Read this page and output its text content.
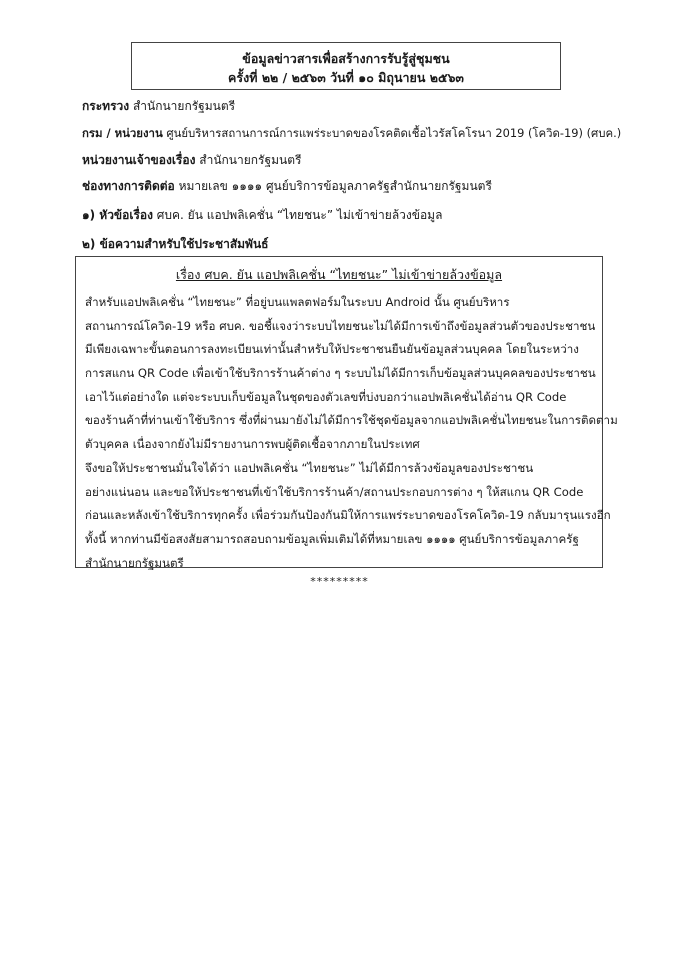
ข้อมูลข่าวสารเพื่อสร้างการรับรู้สู่ชุมชน
ครั้งที่ ๒๒ / ๒๕๖๓ วันที่ ๑๐ มิถุนายน ๒๕๖๓
กระทรวง สำนักนายกรัฐมนตรี
กรม / หน่วยงาน ศูนย์บริหารสถานการณ์การแพร่ระบาดของโรคติดเชื้อไวรัสโคโรนา 2019 (โควิด-19) (ศบค.)
หน่วยงานเจ้าของเรื่อง สำนักนายกรัฐมนตรี
ช่องทางการติดต่อ หมายเลข ๑๑๑๑ ศูนย์บริการข้อมูลภาครัฐสำนักนายกรัฐมนตรี
๑) หัวข้อเรื่อง ศบค. ยัน แอปพลิเคชั่น “ไทยชนะ” ไม่เข้าข่ายล้วงข้อมูล
๒) ข้อความสำหรับใช้ประชาสัมพันธ์
เรื่อง ศบค. ยัน แอปพลิเคชั่น “ไทยชนะ” ไม่เข้าข่ายล้วงข้อมูล
สำหรับแอปพลิเคชั่น “ไทยชนะ” ที่อยู่บนแพลตฟอร์มในระบบ Android นั้น ศูนย์บริหาร
สถานการณ์โควิด-19 หรือ ศบค. ขอชี้แจงว่าระบบไทยชนะไม่ได้มีการเข้าถึงข้อมูลส่วนตัวของประชาชน
มีเพียงเฉพาะขั้นตอนการลงทะเบียนเท่านั้นสำหรับให้ประชาชนยืนยันข้อมูลส่วนบุคคล โดยในระหว่าง
การสแกน QR Code เพื่อเข้าใช้บริการร้านค้าต่าง ๆ ระบบไม่ได้มีการเก็บข้อมูลส่วนบุคคลของประชาชน
เอาไว้แต่อย่างใด แต่จะระบบเก็บข้อมูลในชุดของตัวเลขที่บ่งบอกว่าแอปพลิเคชั่นได้อ่าน QR Code
ของร้านค้าที่ท่านเข้าใช้บริการ ซึ่งที่ผ่านมายังไม่ได้มีการใช้ชุดข้อมูลจากแอปพลิเคชั่นไทยชนะในการติดตาม
ตัวบุคคล เนื่องจากยังไม่มีรายงานการพบผู้ติดเชื้อจากภายในประเทศ
จึงขอให้ประชาชนมั่นใจได้ว่า แอปพลิเคชั่น “ไทยชนะ” ไม่ได้มีการล้วงข้อมูลของประชาชน
อย่างแน่นอน และขอให้ประชาชนที่เข้าใช้บริการร้านค้า/สถานประกอบการต่าง ๆ ให้สแกน QR Code
ก่อนและหลังเข้าใช้บริการทุกครั้ง เพื่อร่วมกันป้องกันมิให้การแพร่ระบาดของโรคโควิด-19 กลับมารุนแรงอีก
ทั้งนี้ หากท่านมีข้อสงสัยสามารถสอบถามข้อมูลเพิ่มเติมได้ที่หมายเลข ๑๑๑๑ ศูนย์บริการข้อมูลภาครัฐ
สำนักนายกรัฐมนตรี
*********
